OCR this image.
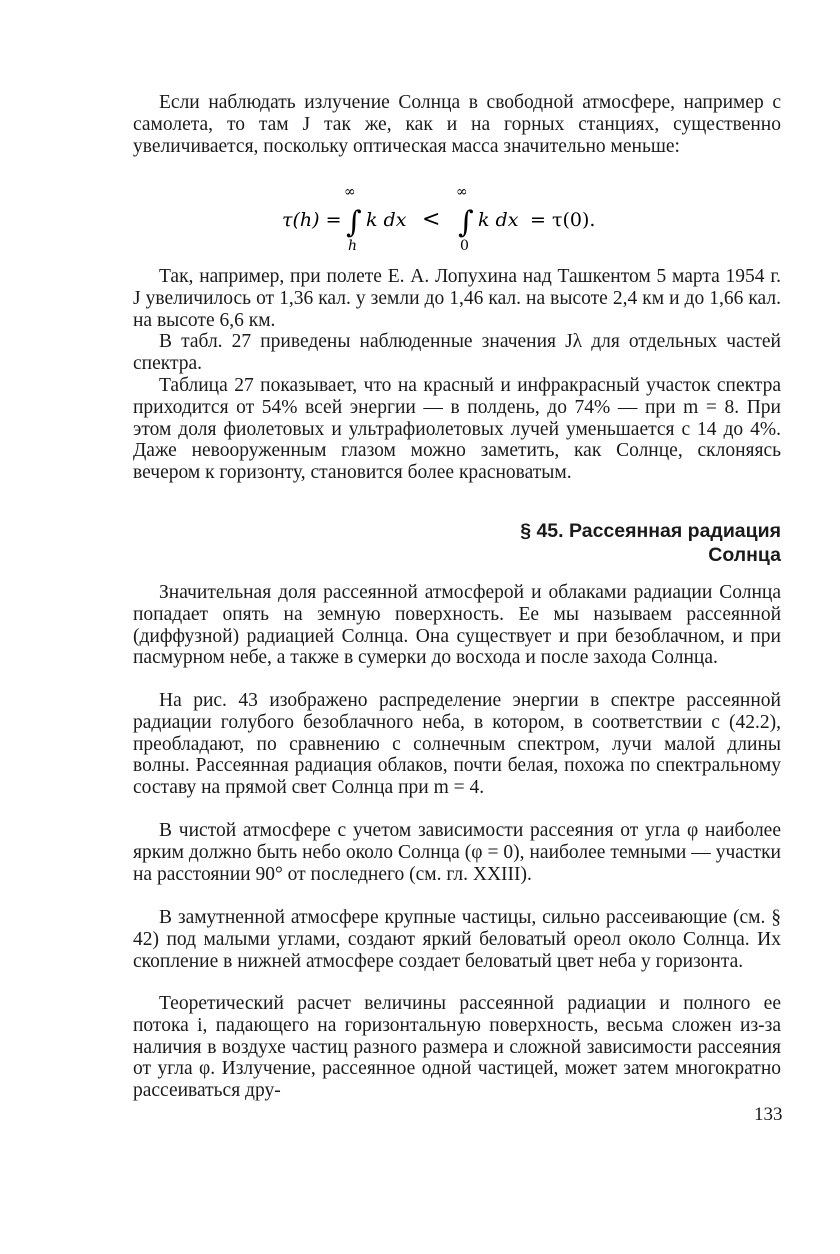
Если наблюдать излучение Солнца в свободной атмосфере, например с самолета, то там J так же, как и на горных станциях, существенно увеличивается, поскольку оптическая масса значительно меньше:

τ(h) =
∞
∫
h
k dx <
∞
∫
0
k dx = τ(0).

Так, например, при полете Е. А. Лопухина над Ташкентом 5 марта 1954 г. J увеличилось от 1,36 кал. у земли до 1,46 кал. на высоте 2,4 км и до 1,66 кал. на высоте 6,6 км.

В табл. 27 приведены наблюденные значения Jλ для отдельных частей спектра.

Таблица 27 показывает, что на красный и инфракрасный участок спектра приходится от 54% всей энергии — в полдень, до 74% — при m = 8. При этом доля фиолетовых и ультрафиолетовых лучей уменьшается с 14 до 4%. Даже невооруженным глазом можно заметить, как Солнце, склоняясь вечером к горизонту, становится более красноватым.

§ 45. Рассеянная радиация
Солнца

Значительная доля рассеянной атмосферой и облаками радиации Солнца попадает опять на земную поверхность. Ее мы называем рассеянной (диффузной) радиацией Солнца. Она существует и при безоблачном, и при пасмурном небе, а также в сумерки до восхода и после захода Солнца.

На рис. 43 изображено распределение энергии в спектре рассеянной радиации голубого безоблачного неба, в котором, в соответствии с (42.2), преобладают, по сравнению с солнечным спектром, лучи малой длины волны. Рассеянная радиация облаков, почти белая, похожа по спектральному составу на прямой свет Солнца при m = 4.

В чистой атмосфере с учетом зависимости рассеяния от угла φ наиболее ярким должно быть небо около Солнца (φ = 0), наиболее темными — участки на расстоянии 90° от последнего (см. гл. XXIII).

В замутненной атмосфере крупные частицы, сильно рассеивающие (см. § 42) под малыми углами, создают яркий беловатый ореол около Солнца. Их скопление в нижней атмосфере создает беловатый цвет неба у горизонта.

Теоретический расчет величины рассеянной радиации и полного ее потока i, падающего на горизонтальную поверхность, весьма сложен из-за наличия в воздухе частиц разного размера и сложной зависимости рассеяния от угла φ. Излучение, рассеянное одной частицей, может затем многократно рассеиваться дру-

133
